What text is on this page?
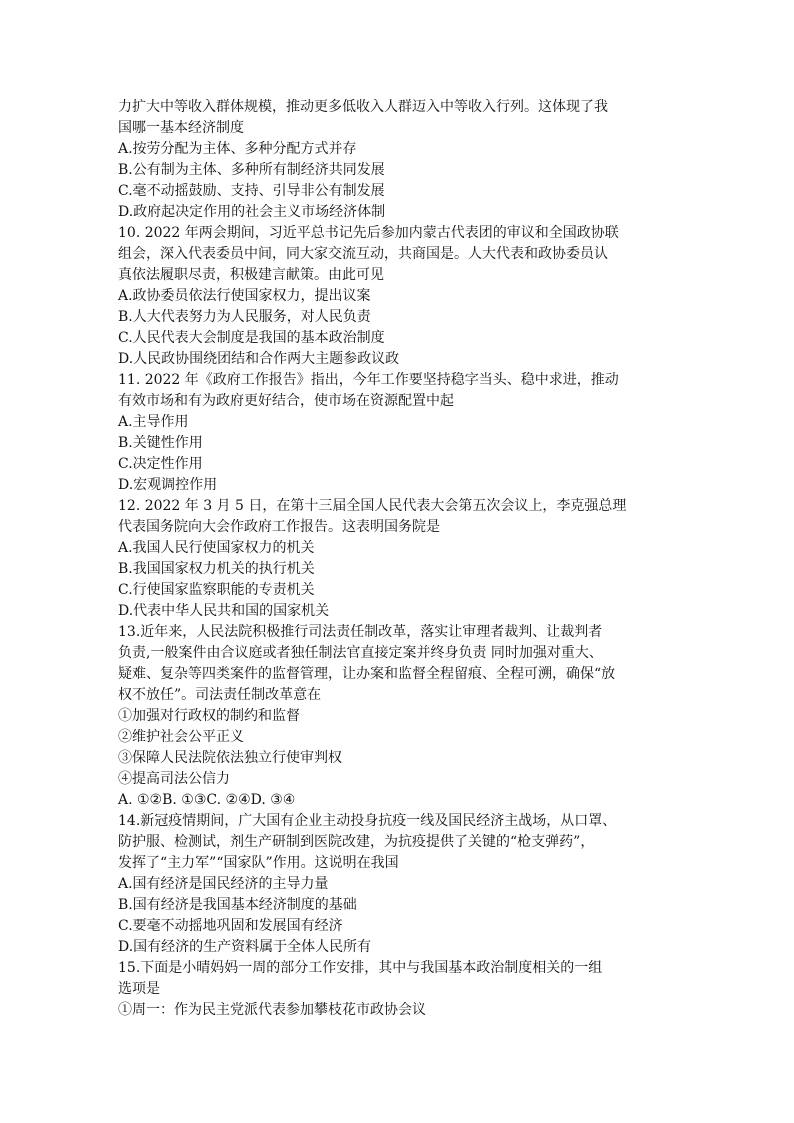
力扩大中等收入群体规模，推动更多低收入人群迈入中等收入行列。这体现了我
国哪一基本经济制度
A.按劳分配为主体、多种分配方式并存
B.公有制为主体、多种所有制经济共同发展
C.毫不动摇鼓励、支持、引导非公有制发展
D.政府起决定作用的社会主义市场经济体制
10. 2022 年两会期间，习近平总书记先后参加内蒙古代表团的审议和全国政协联
组会，深入代表委员中间，同大家交流互动，共商国是。人大代表和政协委员认
真依法履职尽责，积极建言献策。由此可见
A.政协委员依法行使国家权力，提出议案
B.人大代表努力为人民服务，对人民负责
C.人民代表大会制度是我国的基本政治制度
D.人民政协围绕团结和合作两大主题参政议政
11. 2022 年《政府工作报告》指出，今年工作要坚持稳字当头、稳中求进，推动
有效市场和有为政府更好结合，使市场在资源配置中起
A.主导作用
B.关键性作用
C.决定性作用
D.宏观调控作用
12. 2022 年 3 月 5 日，在第十三届全国人民代表大会第五次会议上，李克强总理
代表国务院向大会作政府工作报告。这表明国务院是
A.我国人民行使国家权力的机关
B.我国国家权力机关的执行机关
C.行使国家监察职能的专责机关
D.代表中华人民共和国的国家机关
13.近年来，人民法院积极推行司法责任制改革，落实让审理者裁判、让裁判者
负责,一般案件由合议庭或者独任制法官直接定案并终身负责 同时加强对重大、
疑难、复杂等四类案件的监督管理，让办案和监督全程留痕、全程可溯，确保“放
权不放任”。司法责任制改革意在
①加强对行政权的制约和监督
②维护社会公平正义
③保障人民法院依法独立行使审判权
④提高司法公信力
A. ①②B. ①③C. ②④D. ③④
14.新冠疫情期间，广大国有企业主动投身抗疫一线及国民经济主战场，从口罩、
防护服、检测试，剂生产研制到医院改建，为抗疫提供了关键的“枪支弹药”，
发挥了“主力军”“国家队”作用。这说明在我国
A.国有经济是国民经济的主导力量
B.国有经济是我国基本经济制度的基础
C.要毫不动摇地巩固和发展国有经济
D.国有经济的生产资料属于全体人民所有
15.下面是小晴妈妈一周的部分工作安排，其中与我国基本政治制度相关的一组
选项是
①周一：作为民主党派代表参加攀枝花市政协会议
